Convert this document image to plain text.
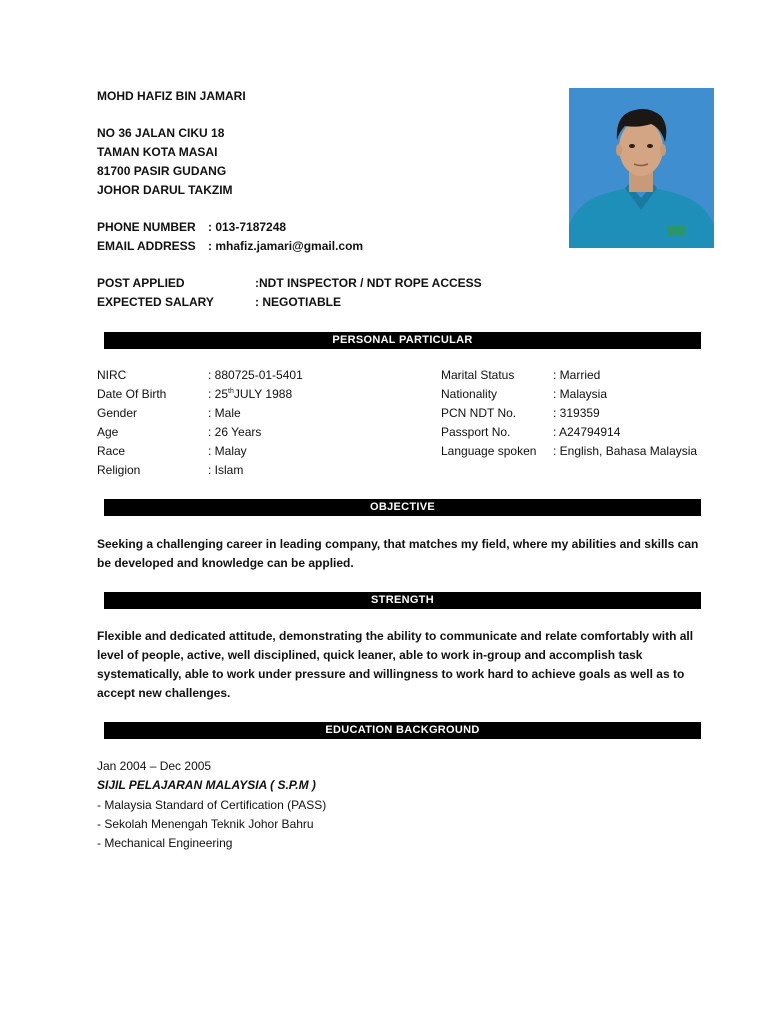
MOHD HAFIZ BIN JAMARI
NO 36 JALAN CIKU 18
TAMAN KOTA MASAI
81700 PASIR GUDANG
JOHOR DARUL TAKZIM
PHONE NUMBER : 013-7187248
EMAIL ADDRESS : mhafiz.jamari@gmail.com
POST APPLIED	:NDT INSPECTOR / NDT ROPE ACCESS
EXPECTED SALARY	: NEGOTIABLE
PERSONAL PARTICULAR
NIRC	: 880725-01-5401
Date Of Birth	: 25thJULY 1988
Gender	: Male
Age	: 26 Years
Race	: Malay
Religion	: Islam
Marital Status	: Married
Nationality	: Malaysia
PCN NDT No.	: 319359
Passport No.	: A24794914
Language spoken : English, Bahasa Malaysia
OBJECTIVE
Seeking a challenging career in leading company, that matches my field, where my abilities and skills can be developed and knowledge can be applied.
STRENGTH
Flexible and dedicated attitude, demonstrating the ability to communicate and relate comfortably with all level of people, active, well disciplined, quick leaner, able to work in-group and accomplish task systematically, able to work under pressure and willingness to work hard to achieve goals as well as to accept new challenges.
EDUCATION BACKGROUND
Jan 2004 – Dec 2005
SIJIL PELAJARAN MALAYSIA ( S.P.M )
- Malaysia Standard of Certification (PASS)
- Sekolah Menengah Teknik Johor Bahru
- Mechanical Engineering
